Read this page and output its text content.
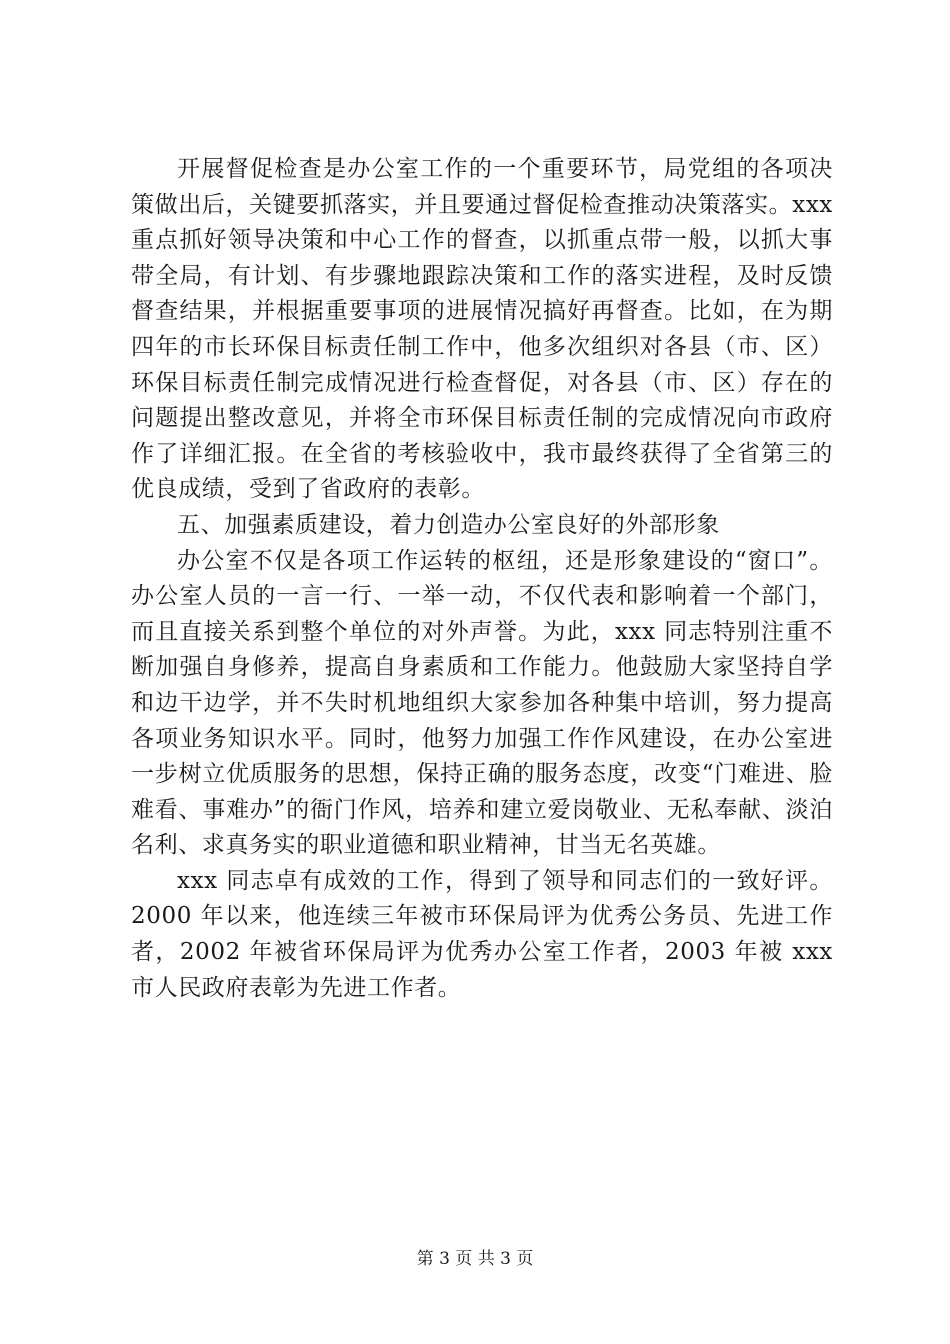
开展督促检查是办公室工作的一个重要环节，局党组的各项决策做出后，关键要抓落实，并且要通过督促检查推动决策落实。xxx 重点抓好领导决策和中心工作的督查，以抓重点带一般，以抓大事带全局，有计划、有步骤地跟踪决策和工作的落实进程，及时反馈督查结果，并根据重要事项的进展情况搞好再督查。比如，在为期四年的市长环保目标责任制工作中，他多次组织对各县（市、区）环保目标责任制完成情况进行检查督促，对各县（市、区）存在的问题提出整改意见，并将全市环保目标责任制的完成情况向市政府作了详细汇报。在全省的考核验收中，我市最终获得了全省第三的优良成绩，受到了省政府的表彰。

五、加强素质建设，着力创造办公室良好的外部形象

办公室不仅是各项工作运转的枢纽，还是形象建设的“窗口”。办公室人员的一言一行、一举一动，不仅代表和影响着一个部门，而且直接关系到整个单位的对外声誉。为此，xxx 同志特别注重不断加强自身修养，提高自身素质和工作能力。他鼓励大家坚持自学和边干边学，并不失时机地组织大家参加各种集中培训，努力提高各项业务知识水平。同时，他努力加强工作作风建设，在办公室进一步树立优质服务的思想，保持正确的服务态度，改变“门难进、脸难看、事难办”的衙门作风，培养和建立爱岗敬业、无私奉献、淡泊名利、求真务实的职业道德和职业精神，甘当无名英雄。

xxx 同志卓有成效的工作，得到了领导和同志们的一致好评。2000 年以来，他连续三年被市环保局评为优秀公务员、先进工作者，2002 年被省环保局评为优秀办公室工作者，2003 年被 xxx 市人民政府表彰为先进工作者。

第 3 页 共 3 页
